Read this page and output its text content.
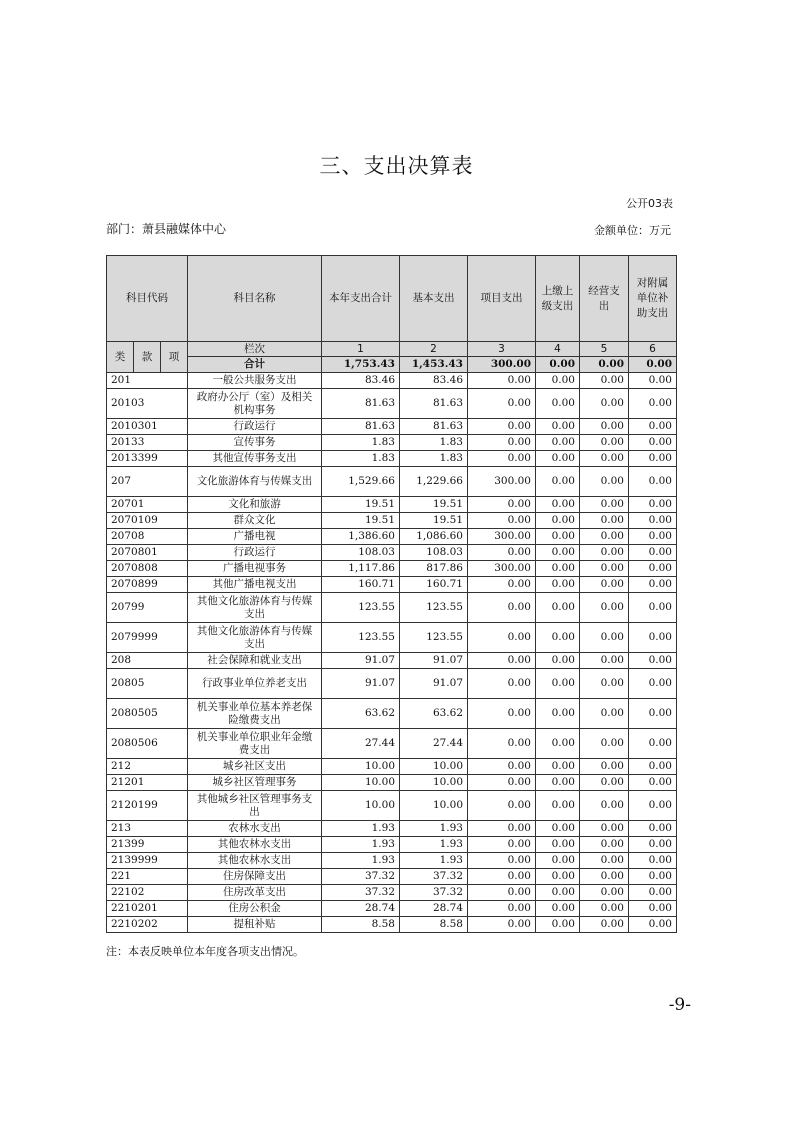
三、支出决算表
公开03表
部门：萧县融媒体中心	金额单位：万元
科目代码			科目名称	本年支出合计	基本支出	项目支出	上缴上级支出	经营支出	对附属单位补助支出
类	款	项	栏次	1	2	3	4	5	6
			合计	1,753.43	1,453.43	300.00	0.00	0.00	0.00
201			一般公共服务支出	83.46	83.46	0.00	0.00	0.00	0.00
20103			政府办公厅（室）及相关机构事务	81.63	81.63	0.00	0.00	0.00	0.00
2010301			行政运行	81.63	81.63	0.00	0.00	0.00	0.00
20133			宣传事务	1.83	1.83	0.00	0.00	0.00	0.00
2013399			其他宣传事务支出	1.83	1.83	0.00	0.00	0.00	0.00
207			文化旅游体育与传媒支出	1,529.66	1,229.66	300.00	0.00	0.00	0.00
20701			文化和旅游	19.51	19.51	0.00	0.00	0.00	0.00
2070109			群众文化	19.51	19.51	0.00	0.00	0.00	0.00
20708			广播电视	1,386.60	1,086.60	300.00	0.00	0.00	0.00
2070801			行政运行	108.03	108.03	0.00	0.00	0.00	0.00
2070808			广播电视事务	1,117.86	817.86	300.00	0.00	0.00	0.00
2070899			其他广播电视支出	160.71	160.71	0.00	0.00	0.00	0.00
20799			其他文化旅游体育与传媒支出	123.55	123.55	0.00	0.00	0.00	0.00
2079999			其他文化旅游体育与传媒支出	123.55	123.55	0.00	0.00	0.00	0.00
208			社会保障和就业支出	91.07	91.07	0.00	0.00	0.00	0.00
20805			行政事业单位养老支出	91.07	91.07	0.00	0.00	0.00	0.00
2080505			机关事业单位基本养老保险缴费支出	63.62	63.62	0.00	0.00	0.00	0.00
2080506			机关事业单位职业年金缴费支出	27.44	27.44	0.00	0.00	0.00	0.00
212			城乡社区支出	10.00	10.00	0.00	0.00	0.00	0.00
21201			城乡社区管理事务	10.00	10.00	0.00	0.00	0.00	0.00
2120199			其他城乡社区管理事务支出	10.00	10.00	0.00	0.00	0.00	0.00
213			农林水支出	1.93	1.93	0.00	0.00	0.00	0.00
21399			其他农林水支出	1.93	1.93	0.00	0.00	0.00	0.00
2139999			其他农林水支出	1.93	1.93	0.00	0.00	0.00	0.00
221			住房保障支出	37.32	37.32	0.00	0.00	0.00	0.00
22102			住房改革支出	37.32	37.32	0.00	0.00	0.00	0.00
2210201			住房公积金	28.74	28.74	0.00	0.00	0.00	0.00
2210202			提租补贴	8.58	8.58	0.00	0.00	0.00	0.00
注：本表反映单位本年度各项支出情况。
-9-
